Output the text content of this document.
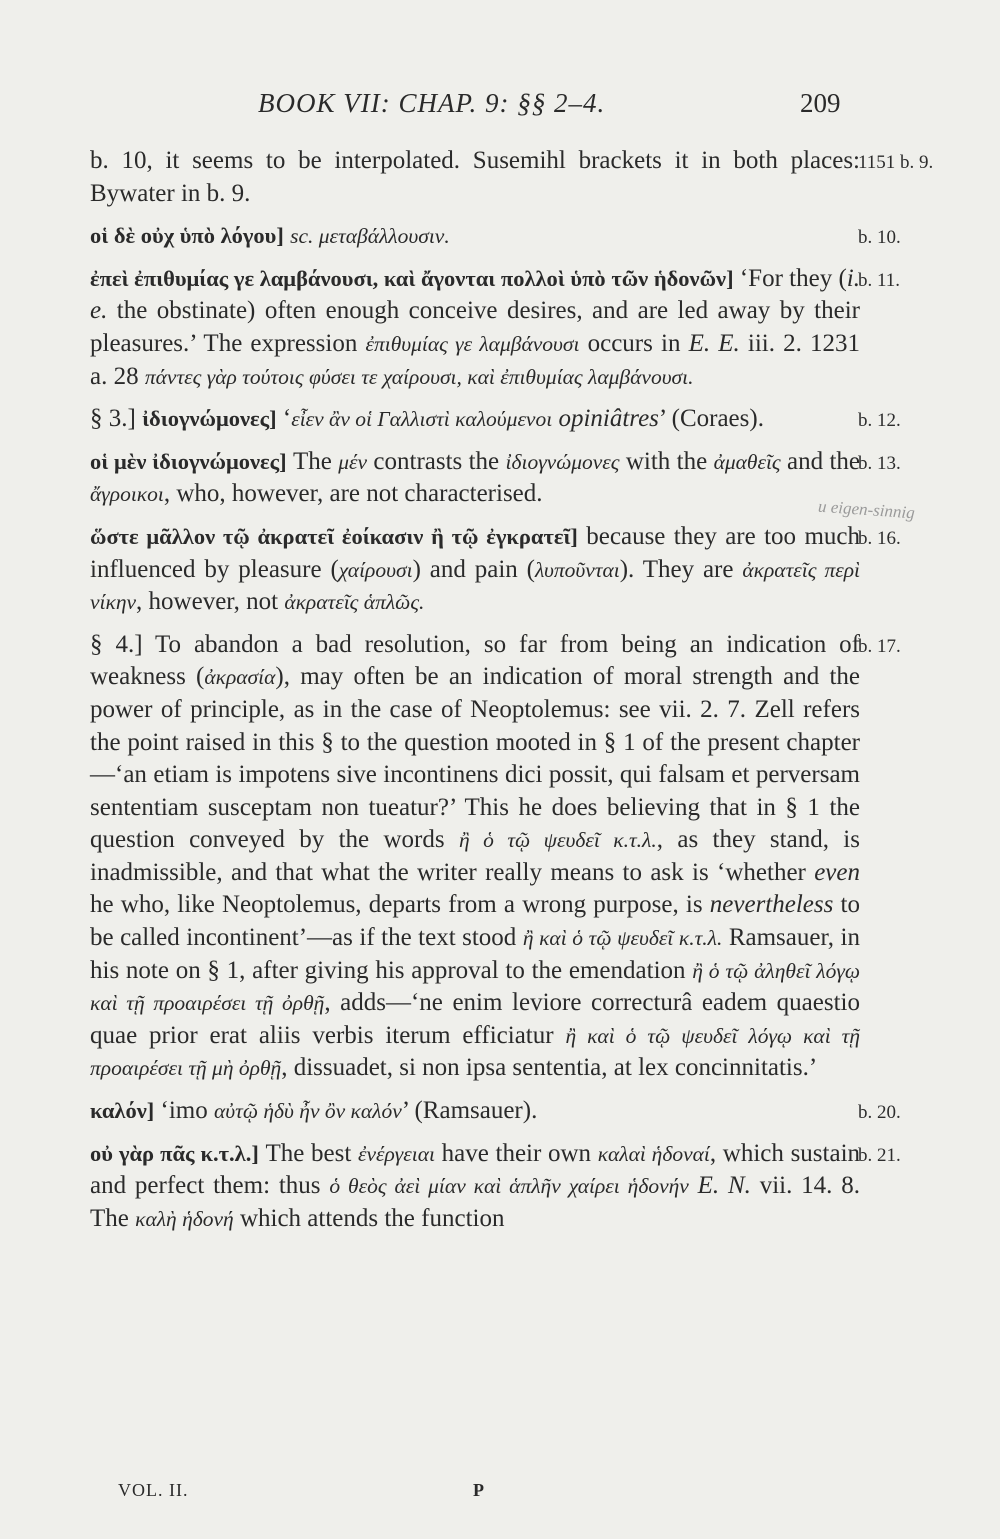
BOOK VII: CHAP. 9: §§ 2–4.	209
1151 b. 9.
b. 10, it seems to be interpolated. Susemihl brackets it in both places: Bywater in b. 9.
b. 10.
οἱ δὲ οὐχ ὑπὸ λόγου] sc. μεταβάλλουσιν.
b. 11.
ἐπεὶ ἐπιθυμίας γε λαμβάνουσι, καὶ ἄγονται πολλοὶ ὑπὸ τῶν ἡδονῶν] ‘For they (i. e. the obstinate) often enough conceive desires, and are led away by their pleasures.’ The expression ἐπιθυμίας γε λαμβάνουσι occurs in E. E. iii. 2. 1231 a. 28 πάντες γὰρ τούτοις φύσει τε χαίρουσι, καὶ ἐπιθυμίας λαμβάνουσι.
b. 12.
§ 3.] ἰδιογνώμονες] ‘εἶεν ἂν οἱ Γαλλιστὶ καλούμενοι opiniâtres’ (Coraes).
b. 13.
οἱ μὲν ἰδιογνώμονες] The μέν contrasts the ἰδιογνώμονες with the ἀμαθεῖς and the ἄγροικοι, who, however, are not characterised.
b. 16.
ὥστε μᾶλλον τῷ ἀκρατεῖ ἐοίκασιν ἢ τῷ ἐγκρατεῖ] because they are too much influenced by pleasure (χαίρουσι) and pain (λυποῦνται). They are ἀκρατεῖς περὶ νίκην, however, not ἀκρατεῖς ἁπλῶς.
b. 17.
§ 4.] To abandon a bad resolution, so far from being an indication of weakness (ἀκρασία), may often be an indication of moral strength and the power of principle, as in the case of Neoptolemus: see vii. 2. 7. Zell refers the point raised in this § to the question mooted in § 1 of the present chapter—‘an etiam is impotens sive incontinens dici possit, qui falsam et perversam sententiam susceptam non tueatur?’ This he does believing that in § 1 the question conveyed by the words ἢ ὁ τῷ ψευδεῖ κ.τ.λ., as they stand, is inadmissible, and that what the writer really means to ask is ‘whether even he who, like Neoptolemus, departs from a wrong purpose, is nevertheless to be called incontinent’—as if the text stood ἢ καὶ ὁ τῷ ψευδεῖ κ.τ.λ. Ramsauer, in his note on § 1, after giving his approval to the emendation ἢ ὁ τῷ ἀληθεῖ λόγῳ καὶ τῇ προαιρέσει τῇ ὀρθῇ, adds—‘ne enim leviore correcturâ eadem quaestio quae prior erat aliis verbis iterum efficiatur ἢ καὶ ὁ τῷ ψευδεῖ λόγῳ καὶ τῇ προαιρέσει τῇ μὴ ὀρθῇ, dissuadet, si non ipsa sententia, at lex concinnitatis.’
b. 20.
καλόν] ‘imo αὐτῷ ἡδὺ ἦν ὂν καλόν’ (Ramsauer).
b. 21.
οὐ γὰρ πᾶς κ.τ.λ.] The best ἐνέργειαι have their own καλαὶ ἡδοναί, which sustain and perfect them: thus ὁ θεὸς ἀεὶ μίαν καὶ ἁπλῆν χαίρει ἡδονήν E. N. vii. 14. 8. The καλὴ ἡδονή which attends the function
u eigen-sinnig
VOL. II.	P
